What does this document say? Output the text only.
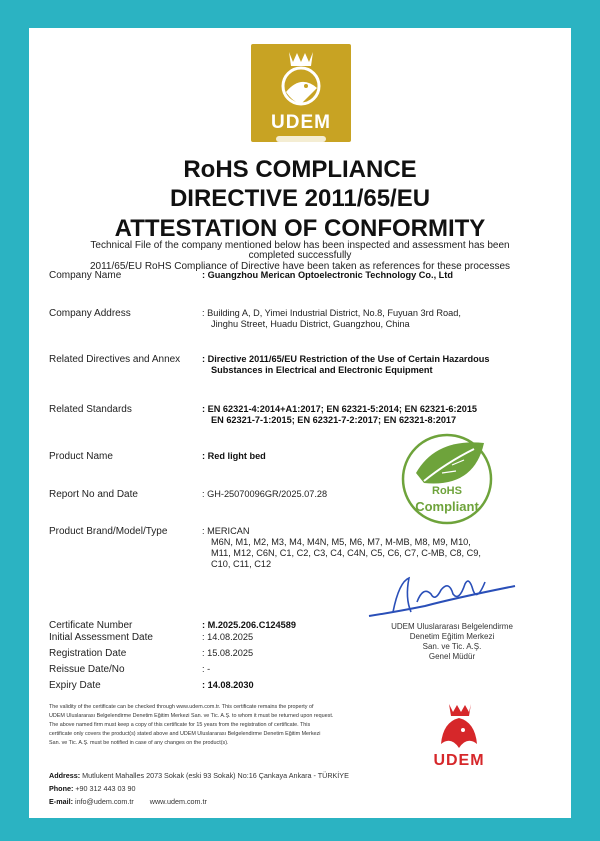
UDEM
RoHS COMPLIANCE
DIRECTIVE 2011/65/EU
ATTESTATION OF CONFORMITY
Technical File of the company mentioned below has been inspected and assessment has been
completed successfully
2011/65/EU RoHS Compliance of Directive have been taken as references for these processes
Company Name	: Guangzhou Merican Optoelectronic Technology Co., Ltd
Company Address	: Building A, D, Yimei Industrial District, No.8, Fuyuan 3rd Road,
Jinghu Street, Huadu District, Guangzhou, China
Related Directives and Annex : Directive 2011/65/EU Restriction of the Use of Certain Hazardous
Substances in Electrical and Electronic Equipment
Related Standards	: EN 62321-4:2014+A1:2017; EN 62321-5:2014; EN 62321-6:2015
EN 62321-7-1:2015; EN 62321-7-2:2017; EN 62321-8:2017
Product Name	: Red light bed
Report No and Date	: GH-25070096GR/2025.07.28
Product Brand/Model/Type	: MERICAN
M6N, M1, M2, M3, M4, M4N, M5, M6, M7, M-MB, M8, M9, M10,
M11, M12, C6N, C1, C2, C3, C4, C4N, C5, C6, C7, C-MB, C8, C9,
C10, C11, C12
RoHS
Compliant
UDEM Uluslararası Belgelendirme
Denetim Eğitim Merkezi
San. ve Tic. A.Ş.
Genel Müdür
Certificate Number	: M.2025.206.C124589
Initial Assessment Date	: 14.08.2025
Registration Date	: 15.08.2025
Reissue Date/No	: -
Expiry Date	: 14.08.2030
The validity of the certificate can be checked through www.udem.com.tr. This certificate remains the property of
UDEM Uluslararası Belgelendirme Denetim Eğitim Merkezi San. ve Tic. A.Ş. to whom it must be returned upon request.
The above named firm must keep a copy of this certificate for 15 years from the registration of certificate. This
certificate only covers the product(s) stated above and UDEM Uluslararası Belgelendirme Denetim Eğitim Merkezi
San. ve Tic. A.Ş. must be notified in case of any changes on the product(s).
UDEM
Address: Mutlukent Mahalles 2073 Sokak (eski 93 Sokak) No:16 Çankaya Ankara - TÜRKİYE
Phone: +90 312 443 03 90
E-mail: info@udem.com.tr www.udem.com.tr
